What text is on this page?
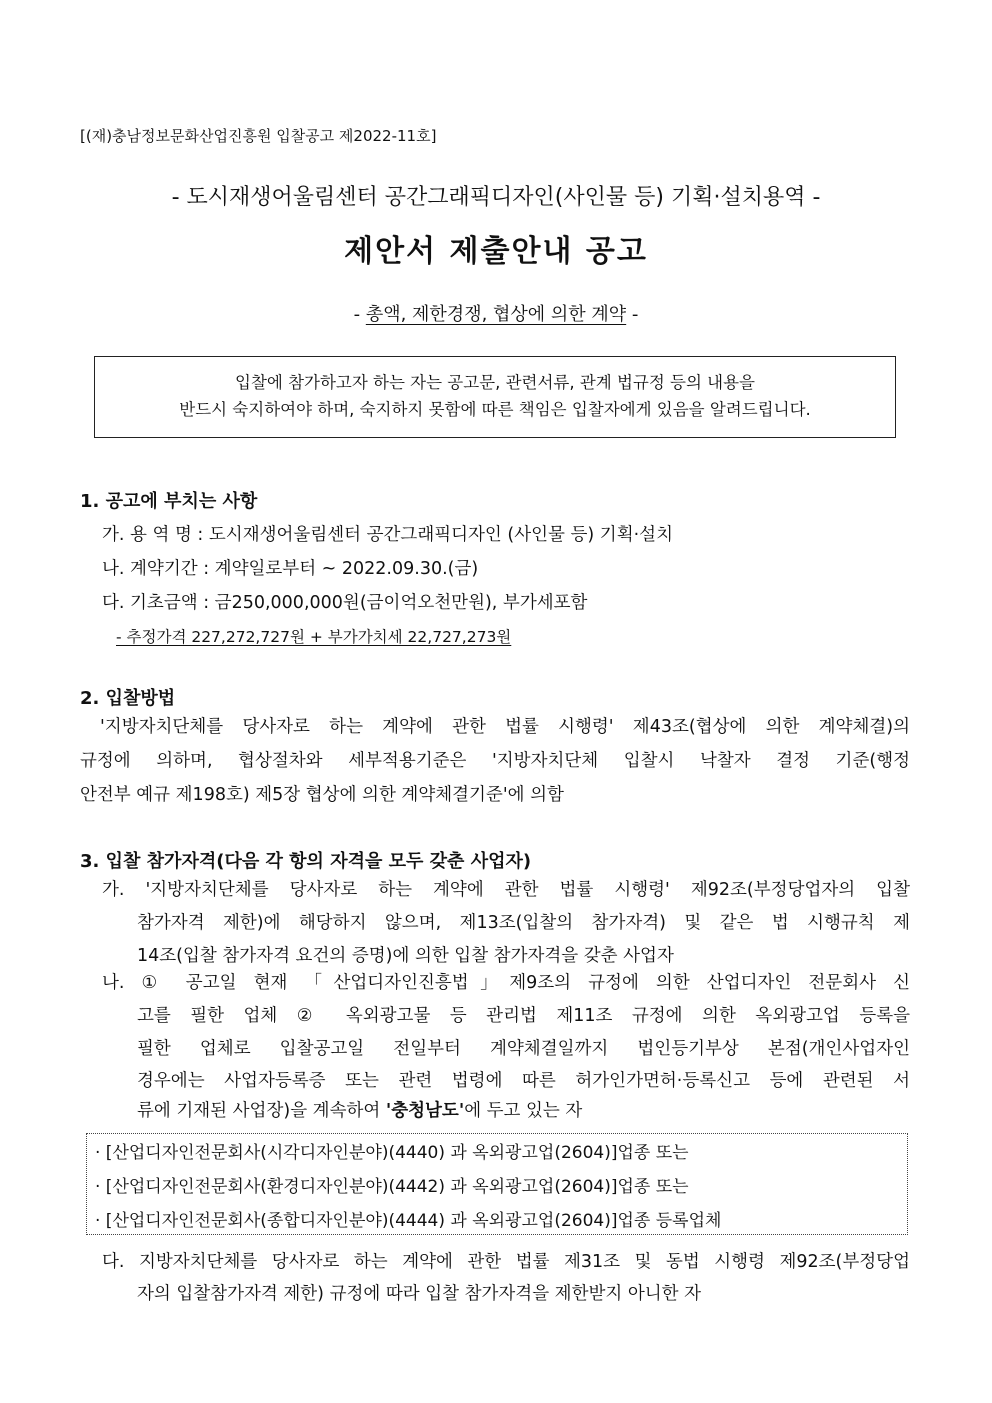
[(재)충남정보문화산업진흥원 입찰공고 제2022-11호]
- 도시재생어울림센터 공간그래픽디자인(사인물 등) 기획·설치용역 -
제안서 제출안내 공고
- 총액, 제한경쟁, 협상에 의한 계약 -
입찰에 참가하고자 하는 자는 공고문, 관련서류, 관계 법규정 등의 내용을
반드시 숙지하여야 하며, 숙지하지 못함에 따른 책임은 입찰자에게 있음을 알려드립니다.
1. 공고에 부치는 사항
가. 용 역 명 : 도시재생어울림센터 공간그래픽디자인 (사인물 등) 기획·설치
나. 계약기간 : 계약일로부터 ~ 2022.09.30.(금)
다. 기초금액 : 금250,000,000원(금이억오천만원), 부가세포함
- 추정가격 227,272,727원 + 부가가치세 22,727,273원
2. 입찰방법
'지방자치단체를 당사자로 하는 계약에 관한 법률 시행령' 제43조(협상에 의한 계약체결)의
규정에 의하며, 협상절차와 세부적용기준은 '지방자치단체 입찰시 낙찰자 결정 기준(행정
안전부 예규 제198호) 제5장 협상에 의한 계약체결기준'에 의함
3. 입찰 참가자격(다음 각 항의 자격을 모두 갖춘 사업자)
가. '지방자치단체를 당사자로 하는 계약에 관한 법률 시행령' 제92조(부정당업자의 입찰
참가자격 제한)에 해당하지 않으며, 제13조(입찰의 참가자격) 및 같은 법 시행규칙 제
14조(입찰 참가자격 요건의 증명)에 의한 입찰 참가자격을 갖춘 사업자
나. ① 공고일 현재 「산업디자인진흥법」제9조의 규정에 의한 산업디자인 전문회사 신
고를 필한 업체 ② 옥외광고물 등 관리법 제11조 규정에 의한 옥외광고업 등록을
필한 업체로 입찰공고일 전일부터 계약체결일까지 법인등기부상 본점(개인사업자인
경우에는 사업자등록증 또는 관련 법령에 따른 허가인가면허·등록신고 등에 관련된 서
류에 기재된 사업장)을 계속하여 '충청남도'에 두고 있는 자
· [산업디자인전문회사(시각디자인분야)(4440) 과 옥외광고업(2604)]업종 또는
· [산업디자인전문회사(환경디자인분야)(4442) 과 옥외광고업(2604)]업종 또는
· [산업디자인전문회사(종합디자인분야)(4444) 과 옥외광고업(2604)]업종 등록업체
다. 지방자치단체를 당사자로 하는 계약에 관한 법률 제31조 및 동법 시행령 제92조(부정당업
자의 입찰참가자격 제한) 규정에 따라 입찰 참가자격을 제한받지 아니한 자
